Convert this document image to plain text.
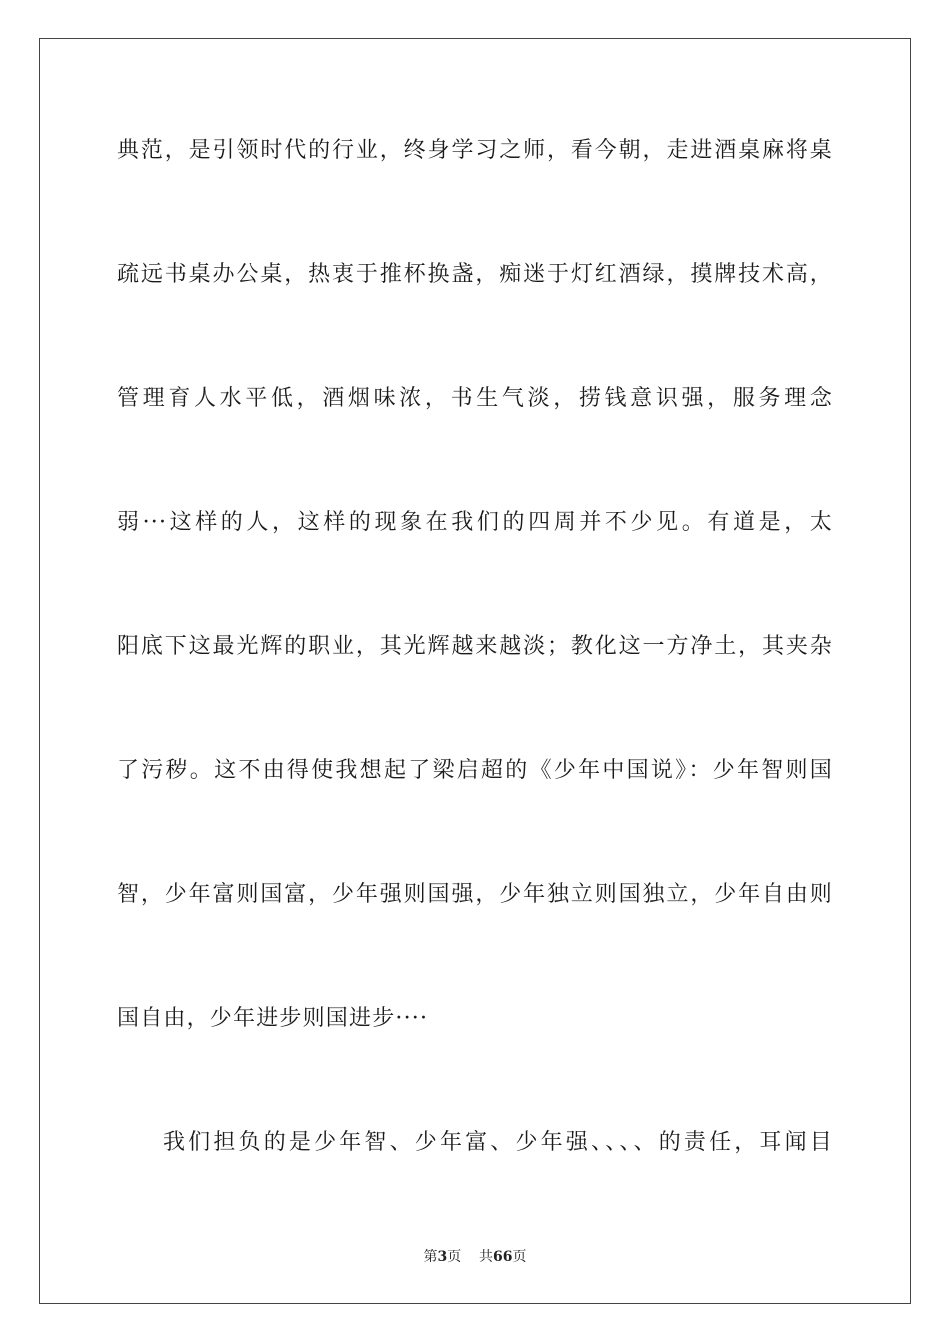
典范，是引领时代的行业，终身学习之师，看今朝，走进酒桌麻将桌
疏远书桌办公桌，热衷于推杯换盏，痴迷于灯红酒绿，摸牌技术高，
管理育人水平低，酒烟味浓，书生气淡，捞钱意识强，服务理念
弱···这样的人，这样的现象在我们的四周并不少见。有道是，太
阳底下这最光辉的职业，其光辉越来越淡；教化这一方净土，其夹杂
了污秽。这不由得使我想起了梁启超的《少年中国说》：少年智则国
智，少年富则国富，少年强则国强，少年独立则国独立，少年自由则
国自由，少年进步则国进步····
我们担负的是少年智、少年富、少年强、、、、的责任，耳闻目
第3页 共66页
